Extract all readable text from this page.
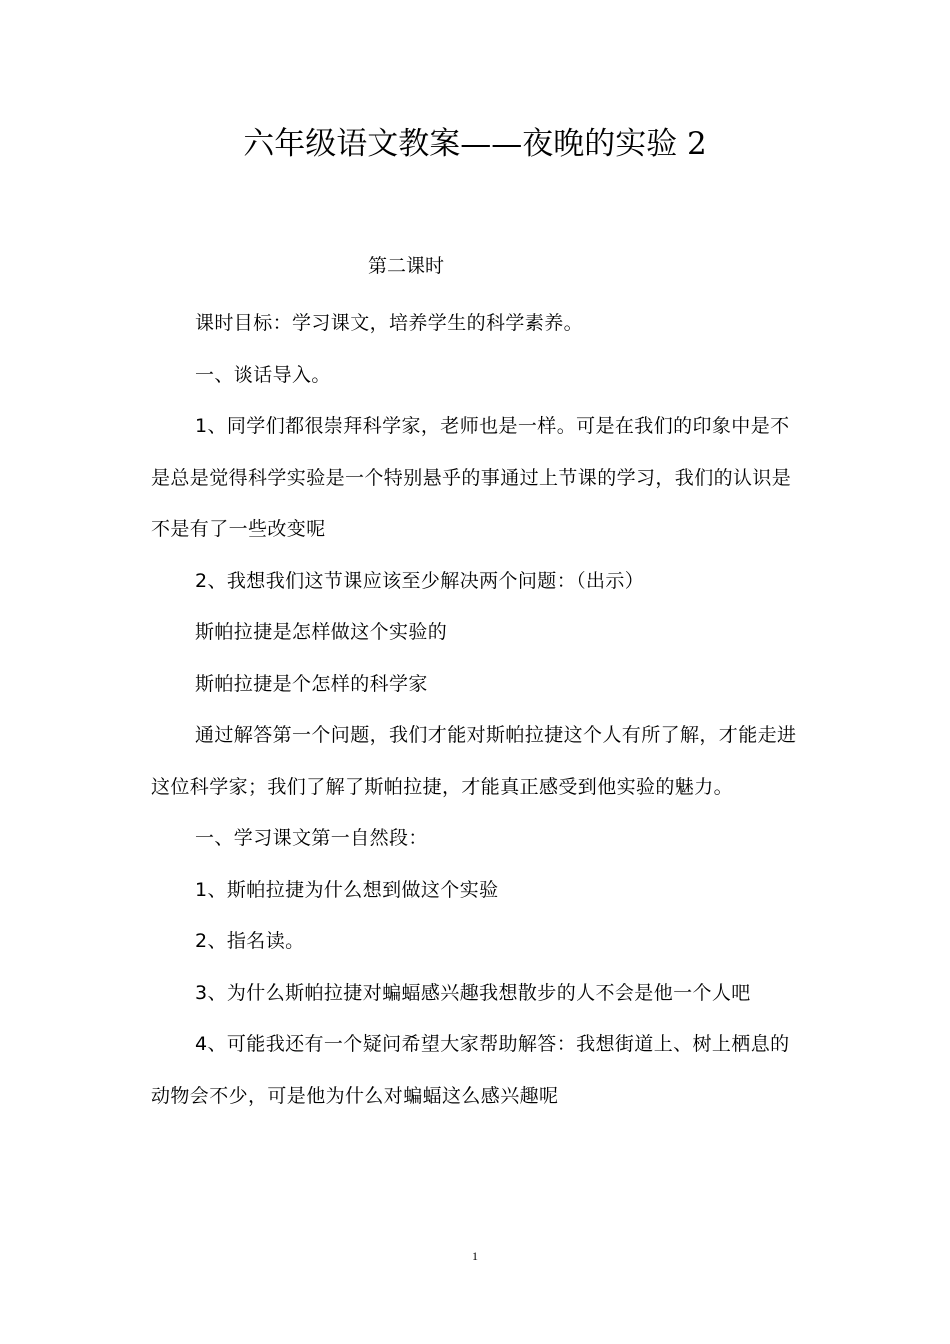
六年级语文教案——夜晚的实验 2
第二课时

课时目标：学习课文，培养学生的科学素养。

一、谈话导入。

1、同学们都很崇拜科学家，老师也是一样。可是在我们的印象中是不是总是觉得科学实验是一个特别悬乎的事通过上节课的学习，我们的认识是不是有了一些改变呢

2、我想我们这节课应该至少解决两个问题：（出示）

斯帕拉捷是怎样做这个实验的

斯帕拉捷是个怎样的科学家

通过解答第一个问题，我们才能对斯帕拉捷这个人有所了解，才能走进这位科学家；我们了解了斯帕拉捷，才能真正感受到他实验的魅力。

一、学习课文第一自然段：

1、斯帕拉捷为什么想到做这个实验

2、指名读。

3、为什么斯帕拉捷对蝙蝠感兴趣我想散步的人不会是他一个人吧

4、可能我还有一个疑问希望大家帮助解答：我想街道上、树上栖息的动物会不少，可是他为什么对蝙蝠这么感兴趣呢

1
